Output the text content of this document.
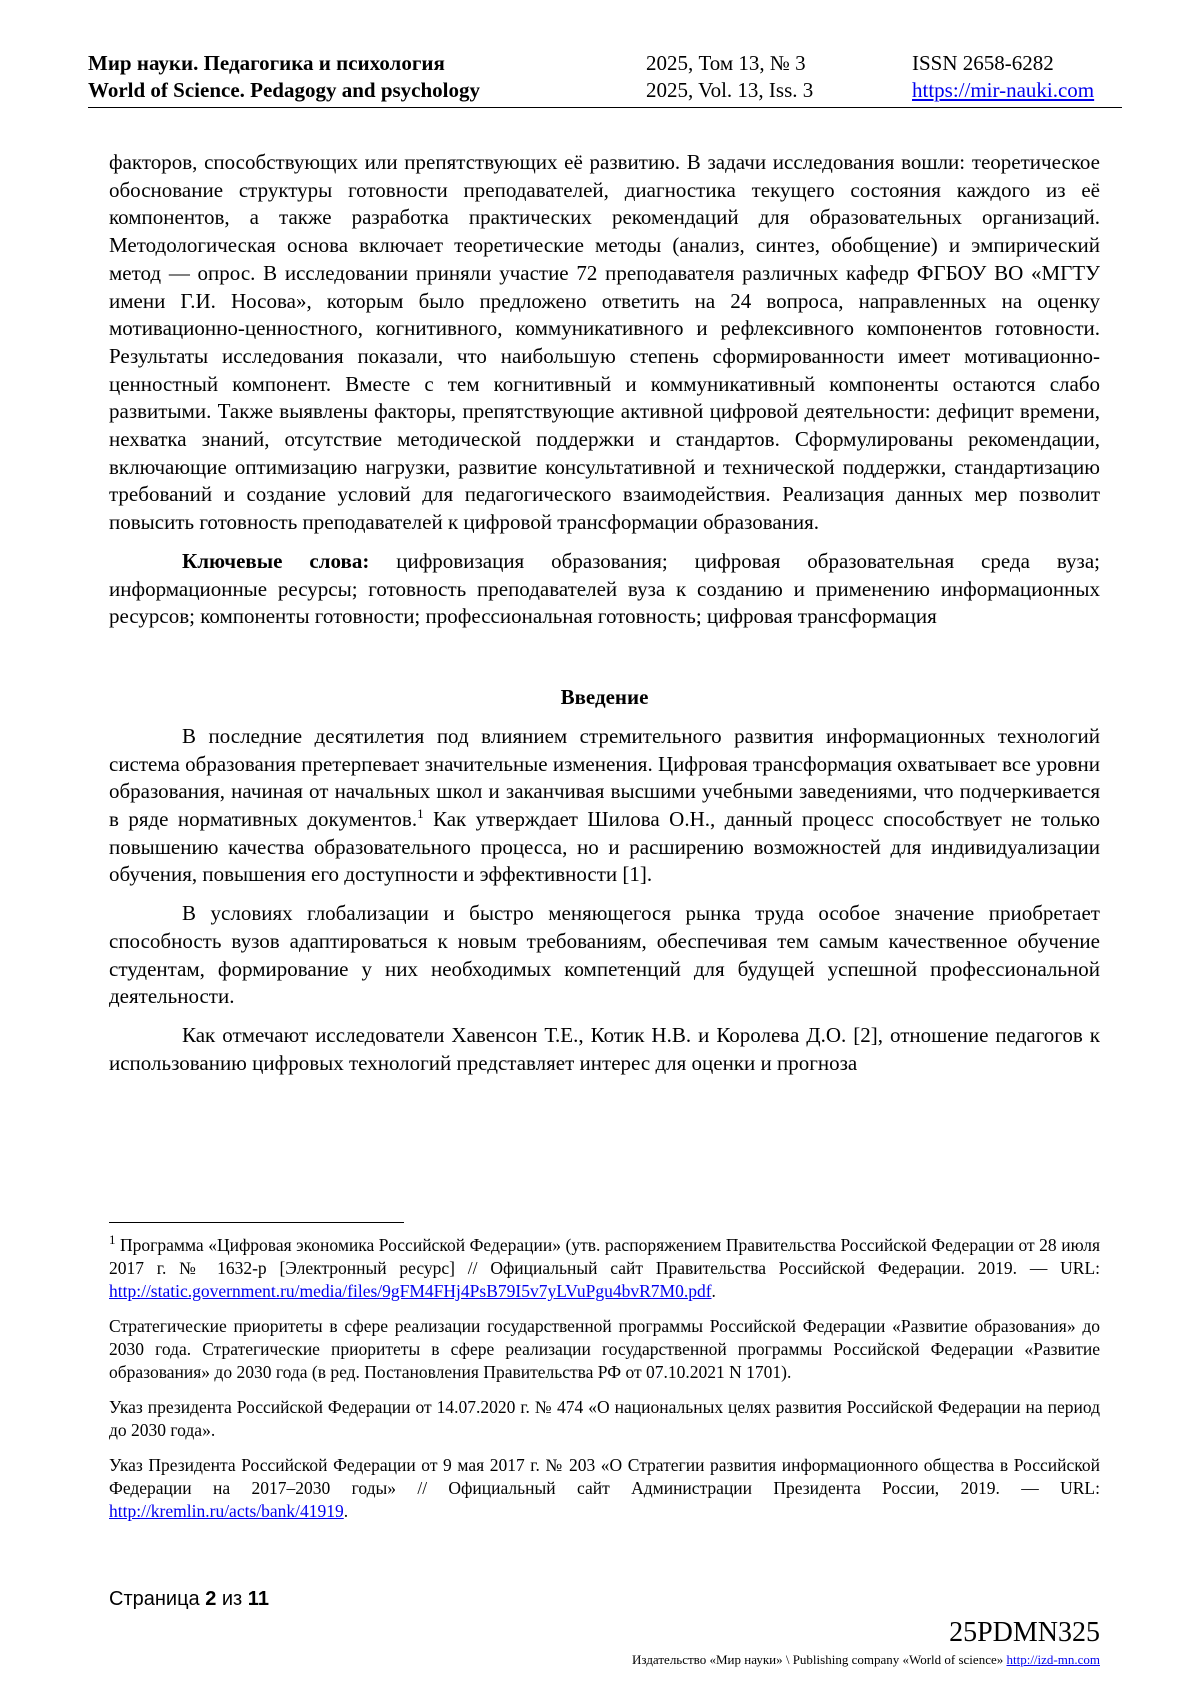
Мир науки. Педагогика и психология	2025, Том 13, № 3	ISSN 2658-6282
World of Science. Pedagogy and psychology	2025, Vol. 13, Iss. 3	https://mir-nauki.com

факторов, способствующих или препятствующих её развитию. В задачи исследования вошли: теоретическое обоснование структуры готовности преподавателей, диагностика текущего состояния каждого из её компонентов, а также разработка практических рекомендаций для образовательных организаций. Методологическая основа включает теоретические методы (анализ, синтез, обобщение) и эмпирический метод — опрос. В исследовании приняли участие 72 преподавателя различных кафедр ФГБОУ ВО «МГТУ имени Г.И. Носова», которым было предложено ответить на 24 вопроса, направленных на оценку мотивационно-ценностного, когнитивного, коммуникативного и рефлексивного компонентов готовности. Результаты исследования показали, что наибольшую степень сформированности имеет мотивационно-ценностный компонент. Вместе с тем когнитивный и коммуникативный компоненты остаются слабо развитыми. Также выявлены факторы, препятствующие активной цифровой деятельности: дефицит времени, нехватка знаний, отсутствие методической поддержки и стандартов. Сформулированы рекомендации, включающие оптимизацию нагрузки, развитие консультативной и технической поддержки, стандартизацию требований и создание условий для педагогического взаимодействия. Реализация данных мер позволит повысить готовность преподавателей к цифровой трансформации образования.

Ключевые слова: цифровизация образования; цифровая образовательная среда вуза; информационные ресурсы; готовность преподавателей вуза к созданию и применению информационных ресурсов; компоненты готовности; профессиональная готовность; цифровая трансформация

Введение

В последние десятилетия под влиянием стремительного развития информационных технологий система образования претерпевает значительные изменения. Цифровая трансформация охватывает все уровни образования, начиная от начальных школ и заканчивая высшими учебными заведениями, что подчеркивается в ряде нормативных документов.$^1$ Как утверждает Шилова О.Н., данный процесс способствует не только повышению качества образовательного процесса, но и расширению возможностей для индивидуализации обучения, повышения его доступности и эффективности [1].

В условиях глобализации и быстро меняющегося рынка труда особое значение приобретает способность вузов адаптироваться к новым требованиям, обеспечивая тем самым качественное обучение студентам, формирование у них необходимых компетенций для будущей успешной профессиональной деятельности.

Как отмечают исследователи Хавенсон Т.Е., Котик Н.В. и Королева Д.О. [2], отношение педагогов к использованию цифровых технологий представляет интерес для оценки и прогноза

$^1$ Программа «Цифровая экономика Российской Федерации» (утв. распоряжением Правительства Российской Федерации от 28 июля 2017 г. № 1632-р [Электронный ресурс] // Официальный сайт Правительства Российской Федерации. 2019. — URL: http://static.government.ru/media/files/9gFM4FHj4PsB79I5v7yLVuPgu4bvR7M0.pdf.

Стратегические приоритеты в сфере реализации государственной программы Российской Федерации «Развитие образования» до 2030 года. Стратегические приоритеты в сфере реализации государственной программы Российской Федерации «Развитие образования» до 2030 года (в ред. Постановления Правительства РФ от 07.10.2021 N 1701).

Указ президента Российской Федерации от 14.07.2020 г. № 474 «О национальных целях развития Российской Федерации на период до 2030 года».

Указ Президента Российской Федерации от 9 мая 2017 г. № 203 «О Стратегии развития информационного общества в Российской Федерации на 2017–2030 годы» // Официальный сайт Администрации Президента России, 2019. — URL: http://kremlin.ru/acts/bank/41919.

Страница 2 из 11
25PDMN325
Издательство «Мир науки» \ Publishing company «World of science» http://izd-mn.com
